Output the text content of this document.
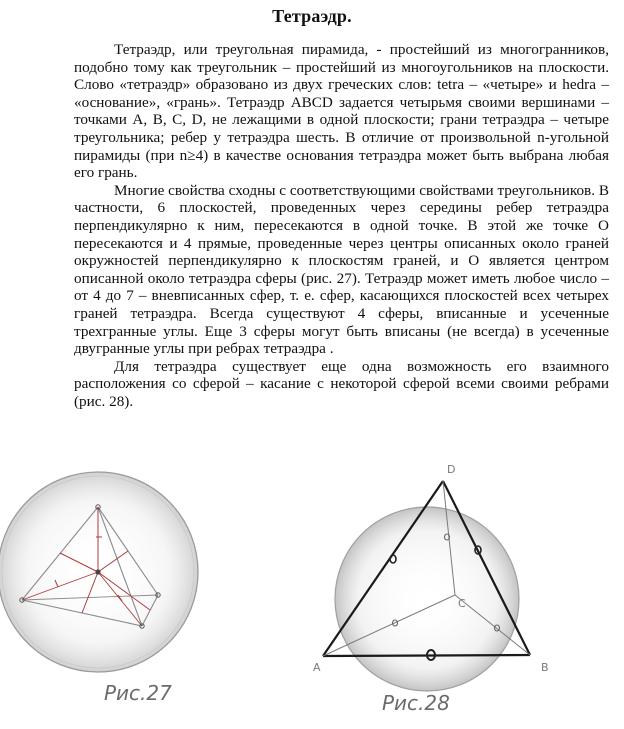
Тетраэдр.

Тетраэдр, или треугольная пирамида, - простейший из многогранников, подобно тому как треугольник – простейший из многоугольников на плоскости. Слово «тетраэдр» образовано из двух греческих слов: tetra – «четыре» и hedra – «основание», «грань». Тетраэдр ABCD задается четырьмя своими вершинами – точками A, B, C, D, не лежащими в одной плоскости; грани тетраэдра – четыре треугольника; ребер у тетраэдра шесть. В отличие от произвольной n-угольной пирамиды (при n≥4) в качестве основания тетраэдра может быть выбрана любая его грань.

Многие свойства сходны с соответствующими свойствами треугольников. В частности, 6 плоскостей, проведенных через середины ребер тетраэдра перпендикулярно к ним, пересекаются в одной точке. В этой же точке O пересекаются и 4 прямые, проведенные через центры описанных около граней окружностей перпендикулярно к плоскостям граней, и O является центром описанной около тетраэдра сферы (рис. 27). Тетраэдр может иметь любое число – от 4 до 7 – вневписанных сфер, т. е. сфер, касающихся плоскостей всех четырех граней тетраэдра. Всегда существуют 4 сферы, вписанные и усеченные трехгранные углы. Еще 3 сферы могут быть вписаны (не всегда) в усеченные двугранные углы при ребрах тетраэдра .

Для тетраэдра существует еще одна возможность его взаимного расположения со сферой – касание с некоторой сферой всеми своими ребрами (рис. 28).

Рис.27
D
A	B
C
Рис.28
